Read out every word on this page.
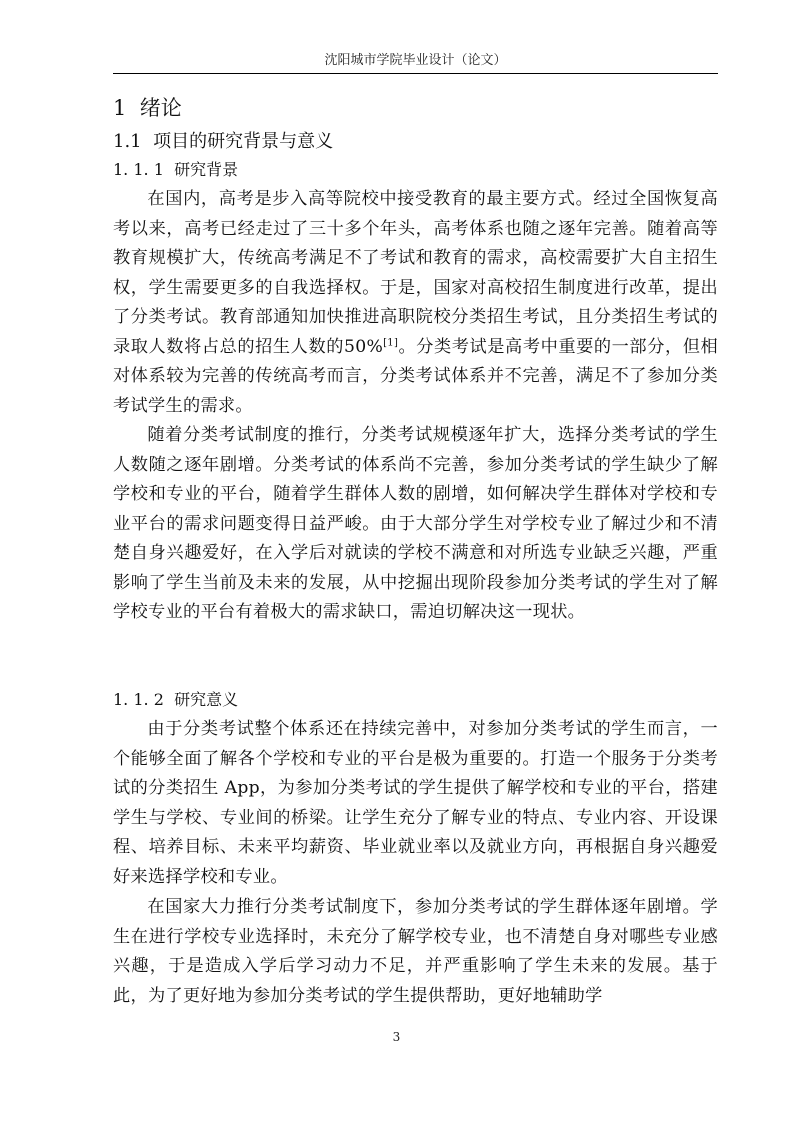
沈阳城市学院毕业设计（论文）
1 绪论
1.1 项目的研究背景与意义
1. 1. 1 研究背景

在国内，高考是步入高等院校中接受教育的最主要方式。经过全国恢复高考以来，高考已经走过了三十多个年头，高考体系也随之逐年完善。随着高等教育规模扩大，传统高考满足不了考试和教育的需求，高校需要扩大自主招生权，学生需要更多的自我选择权。于是，国家对高校招生制度进行改革，提出了分类考试。教育部通知加快推进高职院校分类招生考试，且分类招生考试的录取人数将占总的招生人数的50%[1]。分类考试是高考中重要的一部分，但相对体系较为完善的传统高考而言，分类考试体系并不完善，满足不了参加分类考试学生的需求。

随着分类考试制度的推行，分类考试规模逐年扩大，选择分类考试的学生人数随之逐年剧增。分类考试的体系尚不完善，参加分类考试的学生缺少了解学校和专业的平台，随着学生群体人数的剧增，如何解决学生群体对学校和专业平台的需求问题变得日益严峻。由于大部分学生对学校专业了解过少和不清楚自身兴趣爱好，在入学后对就读的学校不满意和对所选专业缺乏兴趣，严重影响了学生当前及未来的发展，从中挖掘出现阶段参加分类考试的学生对了解学校专业的平台有着极大的需求缺口，需迫切解决这一现状。

1. 1. 2 研究意义

由于分类考试整个体系还在持续完善中，对参加分类考试的学生而言，一个能够全面了解各个学校和专业的平台是极为重要的。打造一个服务于分类考试的分类招生 App，为参加分类考试的学生提供了解学校和专业的平台，搭建学生与学校、专业间的桥梁。让学生充分了解专业的特点、专业内容、开设课程、培养目标、未来平均薪资、毕业就业率以及就业方向，再根据自身兴趣爱好来选择学校和专业。

在国家大力推行分类考试制度下，参加分类考试的学生群体逐年剧增。学生在进行学校专业选择时，未充分了解学校专业，也不清楚自身对哪些专业感兴趣，于是造成入学后学习动力不足，并严重影响了学生未来的发展。基于此，为了更好地为参加分类考试的学生提供帮助，更好地辅助学

3
